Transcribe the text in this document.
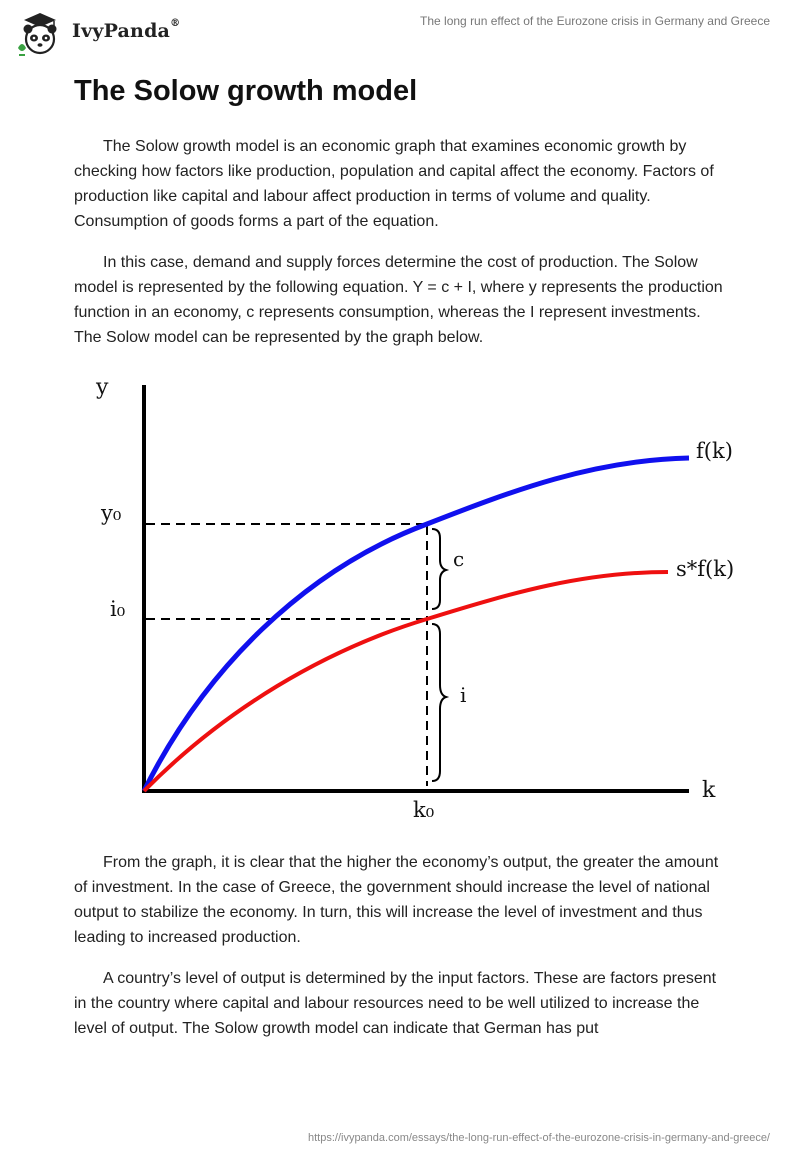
IvyPanda®	The long run effect of the Eurozone crisis in Germany and Greece
The Solow growth model

The Solow growth model is an economic graph that examines economic growth by checking how factors like production, population and capital affect the economy. Factors of production like capital and labour affect production in terms of volume and quality. Consumption of goods forms a part of the equation.

In this case, demand and supply forces determine the cost of production. The Solow model is represented by the following equation. Y = c + I, where y represents the production function in an economy, c represents consumption, whereas the I represent investments. The Solow model can be represented by the graph below.

y
k
y₀
i₀
k₀
f(k)
s*f(k)
c
i

From the graph, it is clear that the higher the economy’s output, the greater the amount of investment. In the case of Greece, the government should increase the level of national output to stabilize the economy. In turn, this will increase the level of investment and thus leading to increased production.

A country’s level of output is determined by the input factors. These are factors present in the country where capital and labour resources need to be well utilized to increase the level of output. The Solow growth model can indicate that German has put

https://ivypanda.com/essays/the-long-run-effect-of-the-eurozone-crisis-in-germany-and-greece/
